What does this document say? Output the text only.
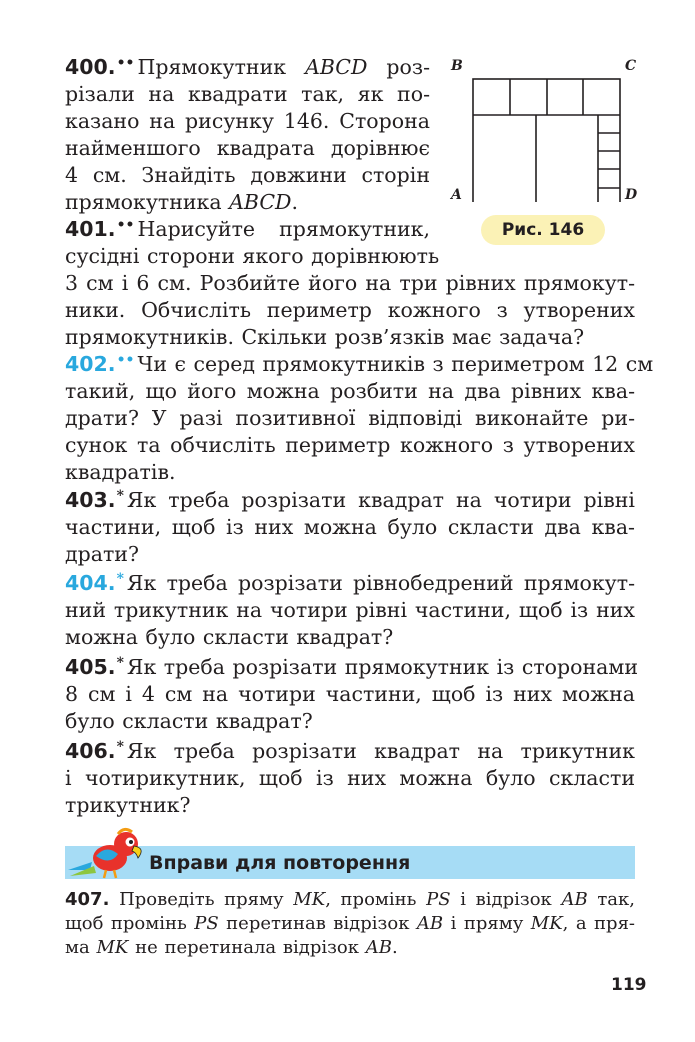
400.•• Прямокутник ABCD роз-
різали на квадрати так, як по-
казано на рисунку 146. Сторона
найменшого квадрата дорівнює
4 см. Знайдіть довжини сторін
прямокутника ABCD.
B	C
A	D
Рис. 146
401.•• Нарисуйте прямокутник,
сусідні сторони якого дорівнюють
3 см і 6 см. Розбийте його на три рівних прямокут-
ники. Обчисліть периметр кожного з утворених
прямокутників. Скільки розв’язків має задача?
402.•• Чи є серед прямокутників з периметром 12 см
такий, що його можна розбити на два рівних ква-
драти? У разі позитивної відповіді виконайте ри-
сунок та обчисліть периметр кожного з утворених
квадратів.
403.* Як треба розрізати квадрат на чотири рівні
частини, щоб із них можна було скласти два ква-
драти?
404.* Як треба розрізати рівнобедрений прямокут-
ний трикутник на чотири рівні частини, щоб із них
можна було скласти квадрат?
405.* Як треба розрізати прямокутник із сторонами
8 см і 4 см на чотири частини, щоб із них можна
було скласти квадрат?
406.* Як треба розрізати квадрат на трикутник
і чотирикутник, щоб із них можна було скласти
трикутник?
Вправи для повторення
407. Проведіть пряму MK, промінь PS і відрізок AB так,
щоб промінь PS перетинав відрізок AB і пряму MK, а пря-
ма MK не перетинала відрізок AB.
119
